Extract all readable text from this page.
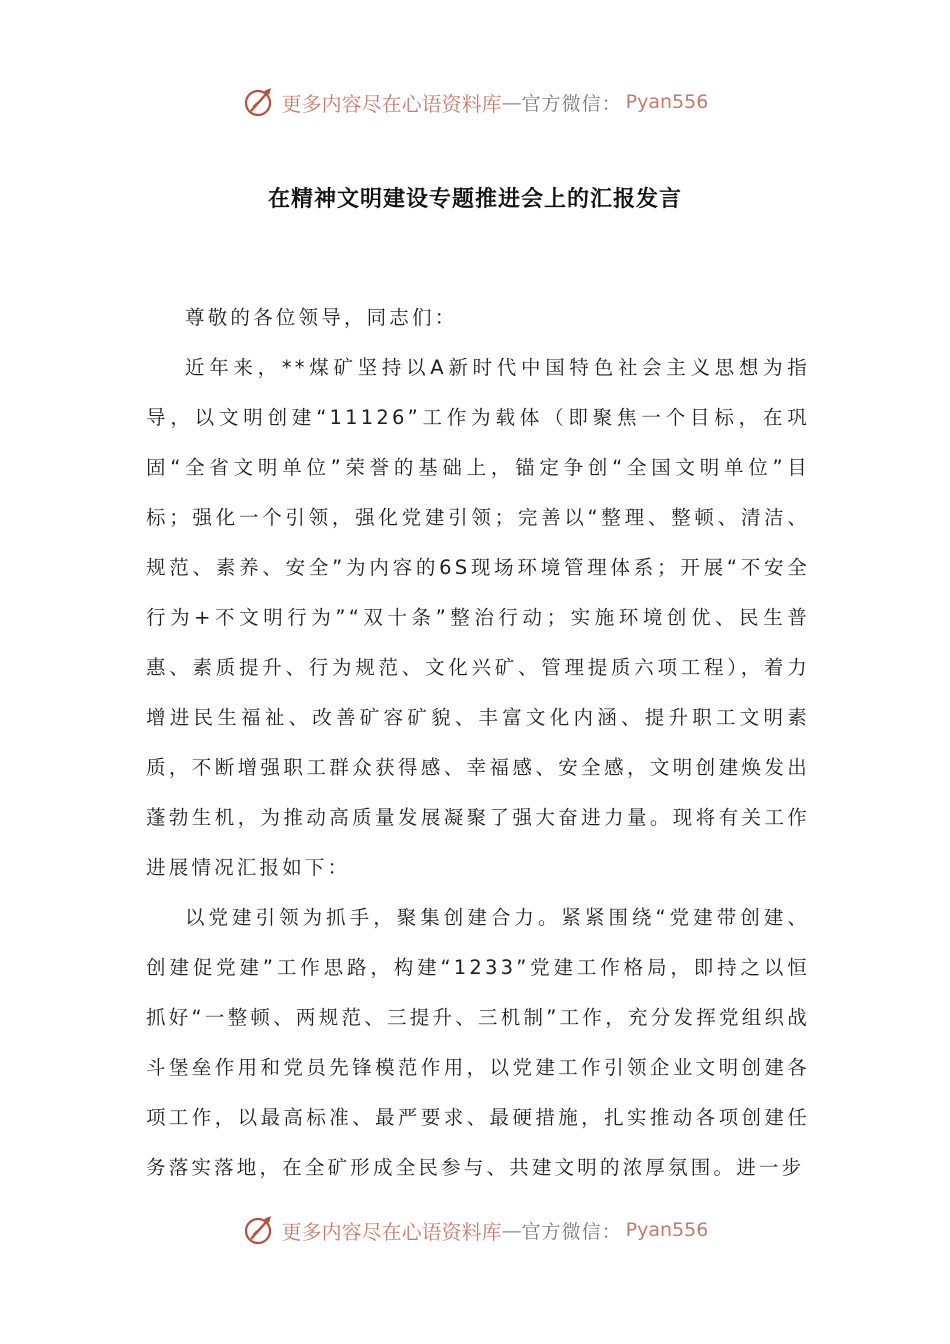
更多内容尽在心语资料库 — 官方微信： Pyan556
在精神文明建设专题推进会上的汇报发言

尊敬的各位领导，同志们：

近年来，**煤矿坚持以A新时代中国特色社会主义思想为指导，以文明创建“11126”工作为载体（即聚焦一个目标，在巩固“全省文明单位”荣誉的基础上，锚定争创“全国文明单位”目标；强化一个引领，强化党建引领；完善以“整理、整顿、清洁、规范、素养、安全”为内容的6S现场环境管理体系；开展“不安全行为+不文明行为”“双十条”整治行动；实施环境创优、民生普惠、素质提升、行为规范、文化兴矿、管理提质六项工程），着力增进民生福祉、改善矿容矿貌、丰富文化内涵、提升职工文明素质，不断增强职工群众获得感、幸福感、安全感，文明创建焕发出蓬勃生机，为推动高质量发展凝聚了强大奋进力量。现将有关工作进展情况汇报如下：

以党建引领为抓手，聚集创建合力。紧紧围绕“党建带创建、创建促党建”工作思路，构建“1233”党建工作格局，即持之以恒抓好“一整顿、两规范、三提升、三机制”工作，充分发挥党组织战斗堡垒作用和党员先锋模范作用，以党建工作引领企业文明创建各项工作，以最高标准、最严要求、最硬措施，扎实推动各项创建任务落实落地，在全矿形成全民参与、共建文明的浓厚氛围。进一步

更多内容尽在心语资料库 — 官方微信： Pyan556
